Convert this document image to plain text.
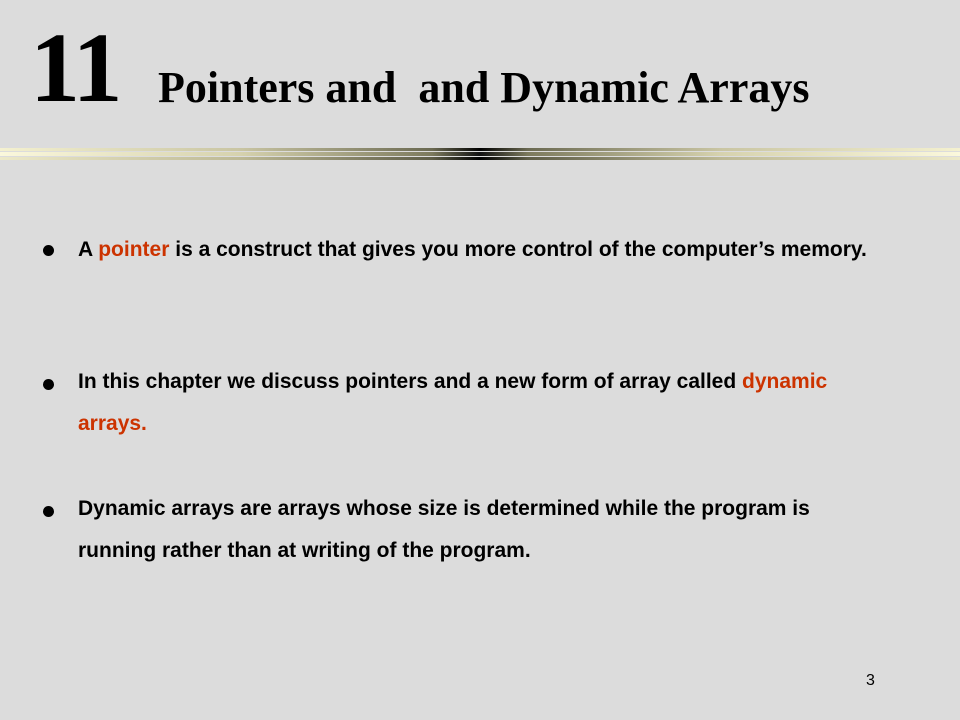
11 Pointers and  and Dynamic Arrays
A pointer is a construct that gives you more control of the computer’s memory.
In this chapter we discuss pointers and a new form of array called dynamic arrays.
Dynamic arrays are arrays whose size is determined while the program is running rather than at writing of the program.
3
